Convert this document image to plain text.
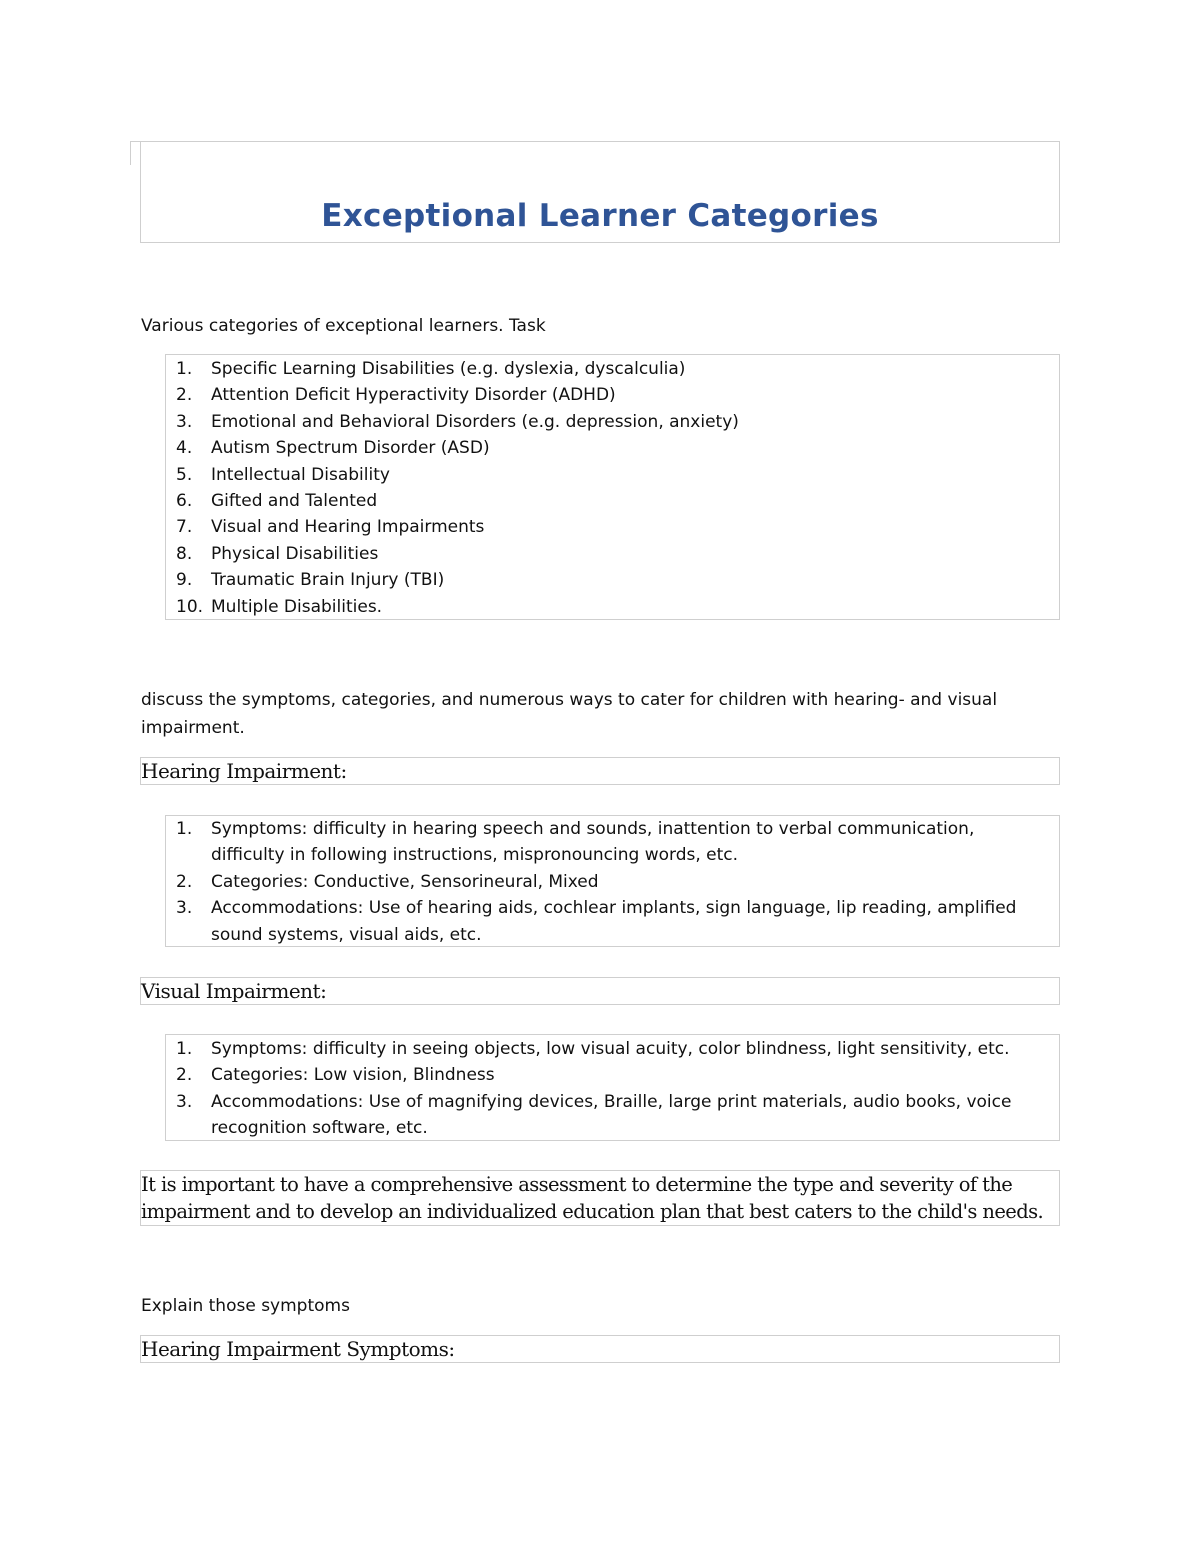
Exceptional Learner Categories
Various categories of exceptional learners. Task
1. Specific Learning Disabilities (e.g. dyslexia, dyscalculia)
2. Attention Deficit Hyperactivity Disorder (ADHD)
3. Emotional and Behavioral Disorders (e.g. depression, anxiety)
4. Autism Spectrum Disorder (ASD)
5. Intellectual Disability
6. Gifted and Talented
7. Visual and Hearing Impairments
8. Physical Disabilities
9. Traumatic Brain Injury (TBI)
10. Multiple Disabilities.
discuss the symptoms, categories, and numerous ways to cater for children with hearing- and visual impairment.
Hearing Impairment:
1. Symptoms: difficulty in hearing speech and sounds, inattention to verbal communication, difficulty in following instructions, mispronouncing words, etc.
2. Categories: Conductive, Sensorineural, Mixed
3. Accommodations: Use of hearing aids, cochlear implants, sign language, lip reading, amplified sound systems, visual aids, etc.
Visual Impairment:
1. Symptoms: difficulty in seeing objects, low visual acuity, color blindness, light sensitivity, etc.
2. Categories: Low vision, Blindness
3. Accommodations: Use of magnifying devices, Braille, large print materials, audio books, voice recognition software, etc.
It is important to have a comprehensive assessment to determine the type and severity of the impairment and to develop an individualized education plan that best caters to the child's needs.
Explain those symptoms
Hearing Impairment Symptoms:
